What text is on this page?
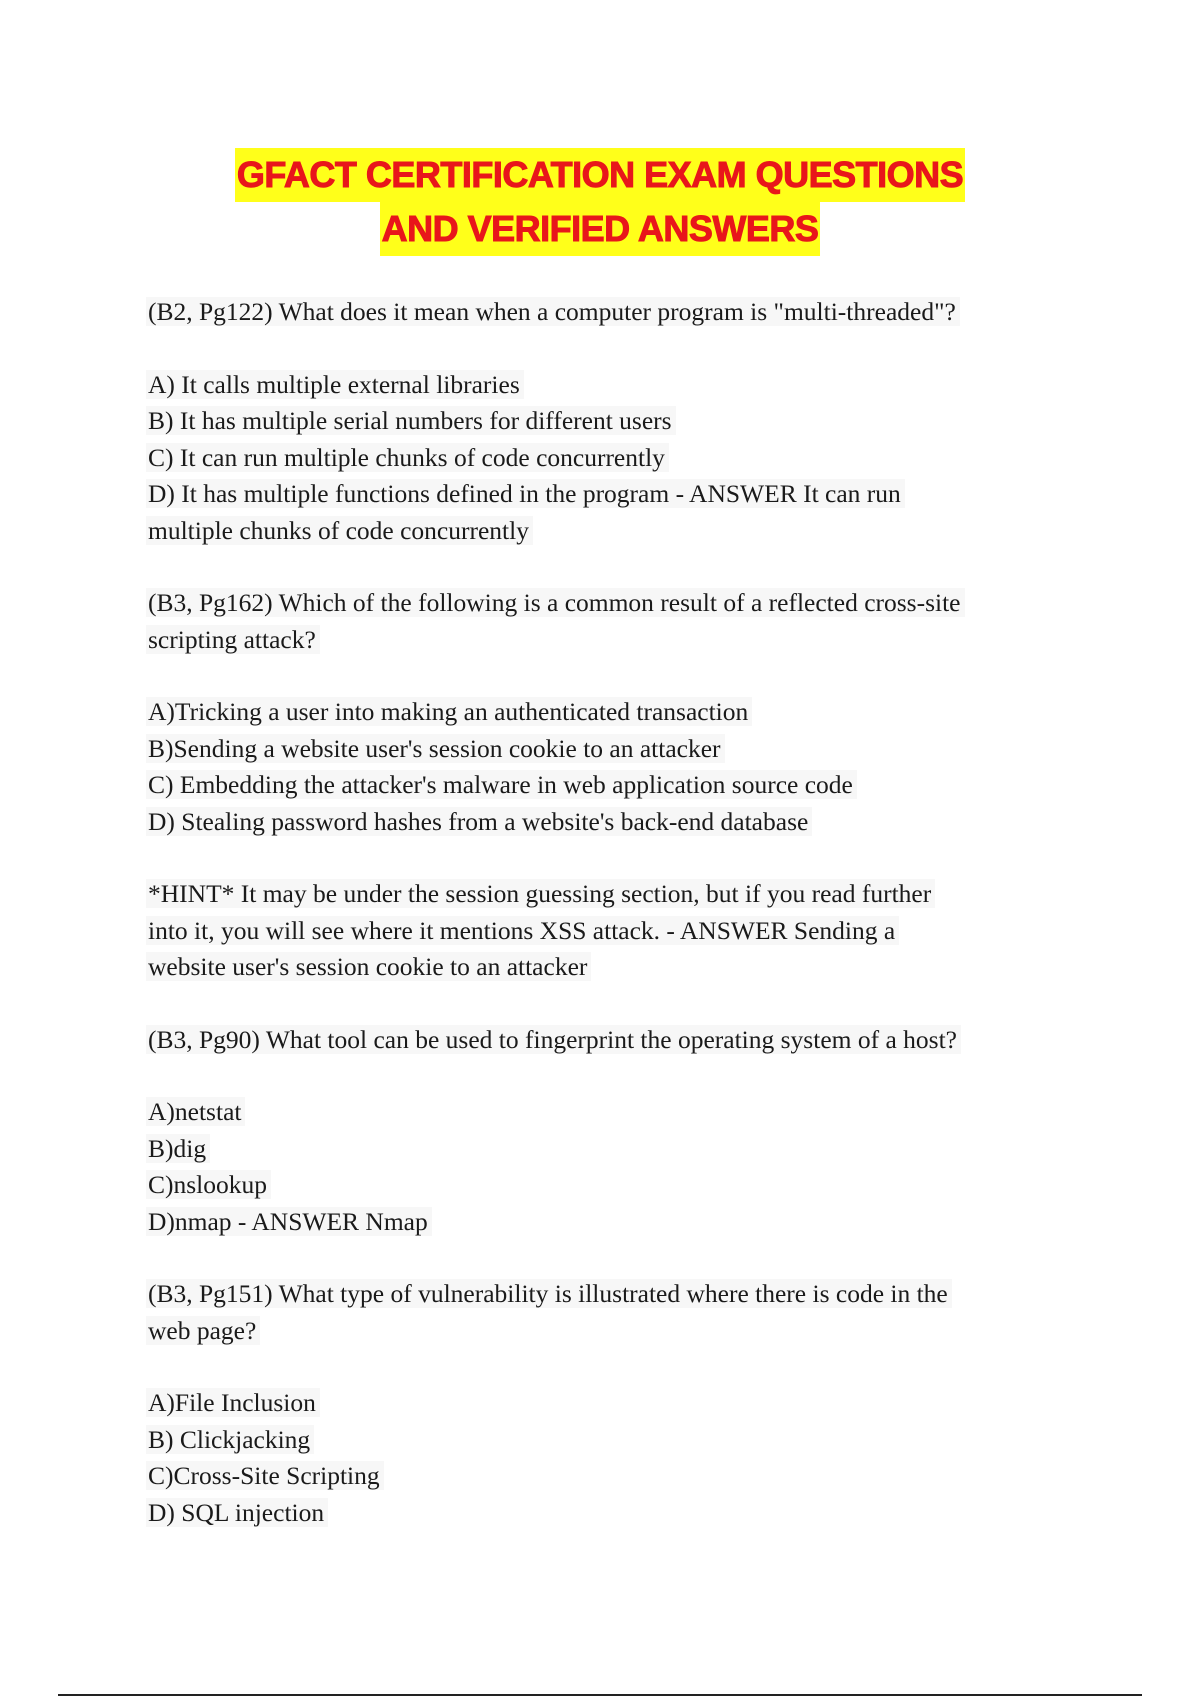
GFACT CERTIFICATION EXAM QUESTIONS
AND VERIFIED ANSWERS
(B2, Pg122) What does it mean when a computer program is "multi-threaded"?
A) It calls multiple external libraries
B) It has multiple serial numbers for different users
C) It can run multiple chunks of code concurrently
D) It has multiple functions defined in the program - ANSWER It can run
multiple chunks of code concurrently
(B3, Pg162) Which of the following is a common result of a reflected cross-site
scripting attack?
A)Tricking a user into making an authenticated transaction
B)Sending a website user's session cookie to an attacker
C) Embedding the attacker's malware in web application source code
D) Stealing password hashes from a website's back-end database
*HINT* It may be under the session guessing section, but if you read further
into it, you will see where it mentions XSS attack. - ANSWER Sending a
website user's session cookie to an attacker
(B3, Pg90) What tool can be used to fingerprint the operating system of a host?
A)netstat
B)dig
C)nslookup
D)nmap - ANSWER Nmap
(B3, Pg151) What type of vulnerability is illustrated where there is code in the
web page?
A)File Inclusion
B) Clickjacking
C)Cross-Site Scripting
D) SQL injection
